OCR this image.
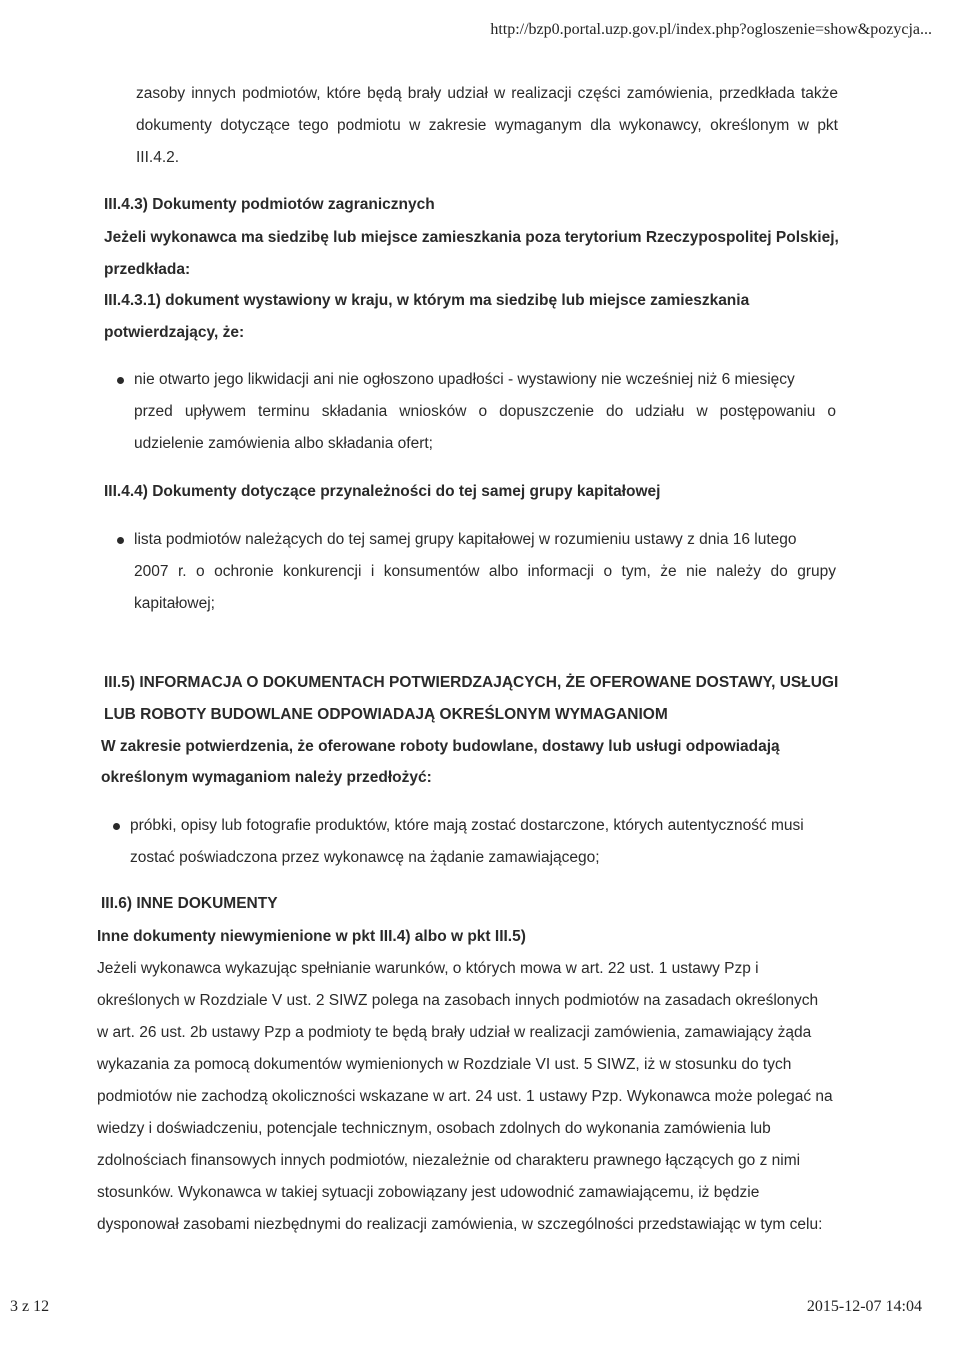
http://bzp0.portal.uzp.gov.pl/index.php?ogloszenie=show&pozycja...
zasoby innych podmiotów, które będą brały udział w realizacji części zamówienia, przedkłada także
dokumenty dotyczące tego podmiotu w zakresie wymaganym dla wykonawcy, określonym w pkt
III.4.2.
III.4.3) Dokumenty podmiotów zagranicznych
Jeżeli wykonawca ma siedzibę lub miejsce zamieszkania poza terytorium Rzeczypospolitej Polskiej,
przedkłada:
III.4.3.1) dokument wystawiony w kraju, w którym ma siedzibę lub miejsce zamieszkania
potwierdzający, że:
nie otwarto jego likwidacji ani nie ogłoszono upadłości - wystawiony nie wcześniej niż 6 miesięcy
przed upływem terminu składania wniosków o dopuszczenie do udziału w postępowaniu o
udzielenie zamówienia albo składania ofert;
III.4.4) Dokumenty dotyczące przynależności do tej samej grupy kapitałowej
lista podmiotów należących do tej samej grupy kapitałowej w rozumieniu ustawy z dnia 16 lutego
2007 r. o ochronie konkurencji i konsumentów albo informacji o tym, że nie należy do grupy
kapitałowej;
III.5) INFORMACJA O DOKUMENTACH POTWIERDZAJĄCYCH, ŻE OFEROWANE DOSTAWY, USŁUGI
LUB ROBOTY BUDOWLANE ODPOWIADAJĄ OKREŚLONYM WYMAGANIOM
W zakresie potwierdzenia, że oferowane roboty budowlane, dostawy lub usługi odpowiadają
określonym wymaganiom należy przedłożyć:
próbki, opisy lub fotografie produktów, które mają zostać dostarczone, których autentyczność musi
zostać poświadczona przez wykonawcę na żądanie zamawiającego;
III.6) INNE DOKUMENTY
Inne dokumenty niewymienione w pkt III.4) albo w pkt III.5)
Jeżeli wykonawca wykazując spełnianie warunków, o których mowa w art. 22 ust. 1 ustawy Pzp i
określonych w Rozdziale V ust. 2 SIWZ polega na zasobach innych podmiotów na zasadach określonych
w art. 26 ust. 2b ustawy Pzp a podmioty te będą brały udział w realizacji zamówienia, zamawiający żąda
wykazania za pomocą dokumentów wymienionych w Rozdziale VI ust. 5 SIWZ, iż w stosunku do tych
podmiotów nie zachodzą okoliczności wskazane w art. 24 ust. 1 ustawy Pzp. Wykonawca może polegać na
wiedzy i doświadczeniu, potencjale technicznym, osobach zdolnych do wykonania zamówienia lub
zdolnościach finansowych innych podmiotów, niezależnie od charakteru prawnego łączących go z nimi
stosunków. Wykonawca w takiej sytuacji zobowiązany jest udowodnić zamawiającemu, iż będzie
dysponował zasobami niezbędnymi do realizacji zamówienia, w szczególności przedstawiając w tym celu:
3 z 12	2015-12-07 14:04
